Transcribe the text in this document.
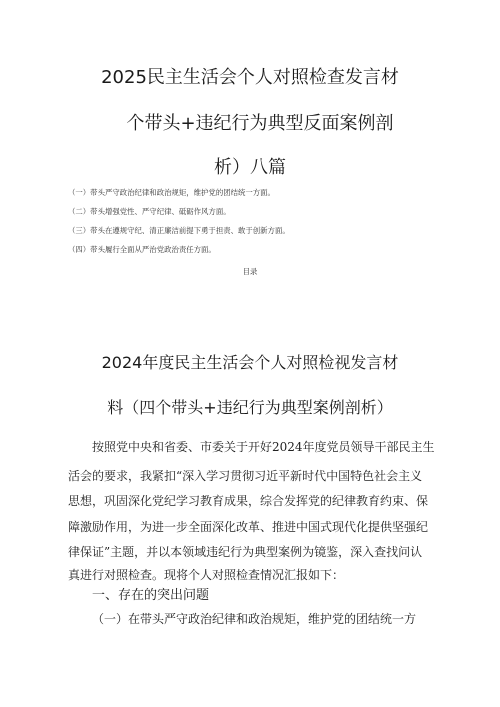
2025民主生活会个人对照检查发言材
个带头+违纪行为典型反面案例剖
析）八篇
（一）带头严守政治纪律和政治规矩，维护党的团结统一方面。
（二）带头增强党性、严守纪律、砥砺作风方面。
（三）带头在遵规守纪、清正廉洁前提下勇于担责、敢于创新方面。
（四）带头履行全面从严治党政治责任方面。
目录
2024年度民主生活会个人对照检视发言材
料（四个带头+违纪行为典型案例剖析）
按照党中央和省委、市委关于开好2024年度党员领导干部民主生
活会的要求，我紧扣“深入学习贯彻习近平新时代中国特色社会主义
思想，巩固深化党纪学习教育成果，综合发挥党的纪律教育约束、保
障激励作用，为进一步全面深化改革、推进中国式现代化提供坚强纪
律保证”主题，并以本领域违纪行为典型案例为镜鉴，深入查找问认
真进行对照检查。现将个人对照检查情况汇报如下：
一、存在的突出问题
（一）在带头严守政治纪律和政治规矩，维护党的团结统一方
